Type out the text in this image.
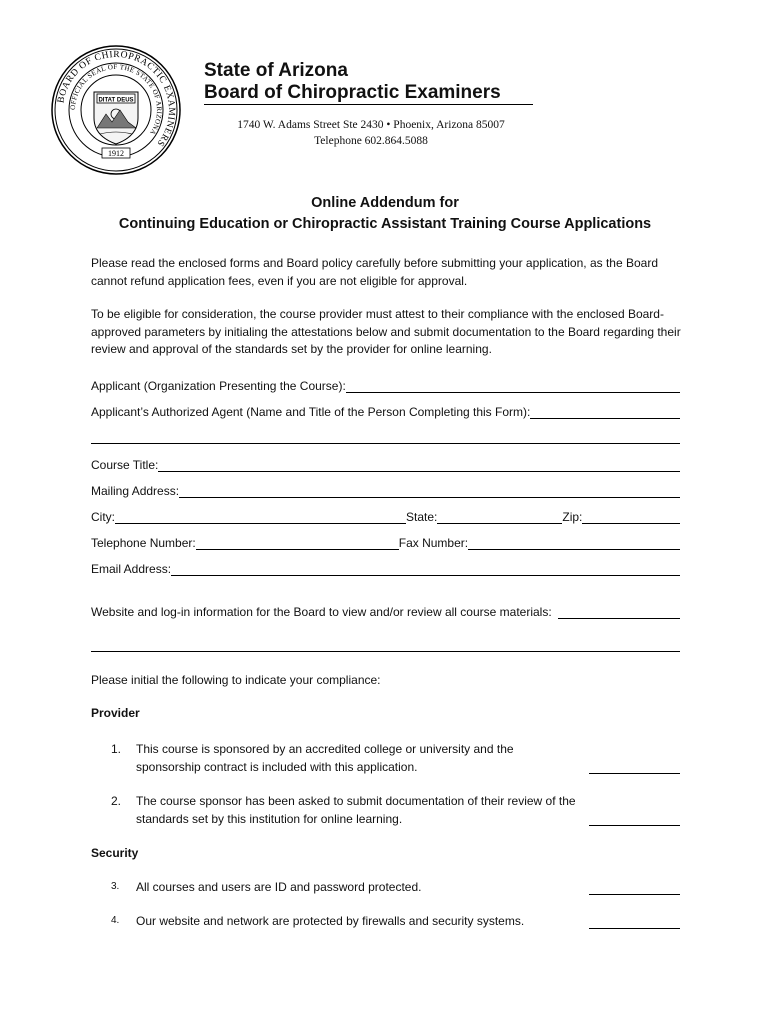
BOARD OF CHIROPRACTIC EXAMINERS
OFFICIAL SEAL OF THE STATE OF ARIZONA
DITAT DEUS
1912
State of Arizona
Board of Chiropractic Examiners
1740 W. Adams Street Ste 2430 • Phoenix, Arizona 85007
Telephone 602.864.5088
Online Addendum for
Continuing Education or Chiropractic Assistant Training Course Applications
Please read the enclosed forms and Board policy carefully before submitting your application, as the Board cannot refund application fees, even if you are not eligible for approval.
To be eligible for consideration, the course provider must attest to their compliance with the enclosed Board-approved parameters by initialing the attestations below and submit documentation to the Board regarding their review and approval of the standards set by the provider for online learning.
Applicant (Organization Presenting the Course):
Applicant’s Authorized Agent (Name and Title of the Person Completing this Form):
Course Title:
Mailing Address:
City:	State:	Zip:
Telephone Number:	Fax Number:
Email Address:
Website and log-in information for the Board to view and/or review all course materials:
Please initial the following to indicate your compliance:
Provider
1.	This course is sponsored by an accredited college or university and the sponsorship contract is included with this application.
2.	The course sponsor has been asked to submit documentation of their review of the standards set by this institution for online learning.
Security
3.	All courses and users are ID and password protected.
4.	Our website and network are protected by firewalls and security systems.
